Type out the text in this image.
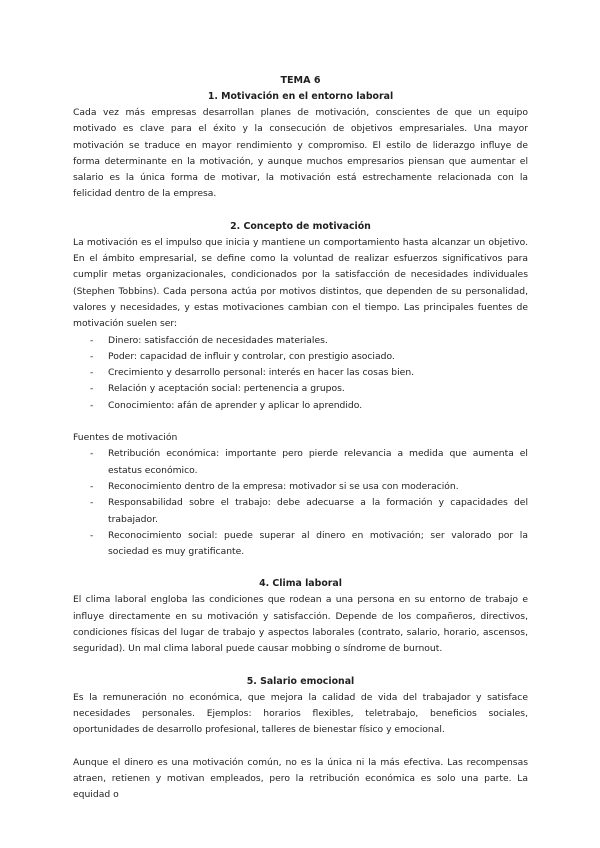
TEMA 6
1. Motivación en el entorno laboral

Cada vez más empresas desarrollan planes de motivación, conscientes de que un equipo motivado es clave para el éxito y la consecución de objetivos empresariales. Una mayor motivación se traduce en mayor rendimiento y compromiso. El estilo de liderazgo influye de forma determinante en la motivación, y aunque muchos empresarios piensan que aumentar el salario es la única forma de motivar, la motivación está estrechamente relacionada con la felicidad dentro de la empresa.

2. Concepto de motivación

La motivación es el impulso que inicia y mantiene un comportamiento hasta alcanzar un objetivo. En el ámbito empresarial, se define como la voluntad de realizar esfuerzos significativos para cumplir metas organizacionales, condicionados por la satisfacción de necesidades individuales (Stephen Tobbins). Cada persona actúa por motivos distintos, que dependen de su personalidad, valores y necesidades, y estas motivaciones cambian con el tiempo. Las principales fuentes de motivación suelen ser:

- Dinero: satisfacción de necesidades materiales.
- Poder: capacidad de influir y controlar, con prestigio asociado.
- Crecimiento y desarrollo personal: interés en hacer las cosas bien.
- Relación y aceptación social: pertenencia a grupos.
- Conocimiento: afán de aprender y aplicar lo aprendido.

Fuentes de motivación

- Retribución económica: importante pero pierde relevancia a medida que aumenta el estatus económico.
- Reconocimiento dentro de la empresa: motivador si se usa con moderación.
- Responsabilidad sobre el trabajo: debe adecuarse a la formación y capacidades del trabajador.
- Reconocimiento social: puede superar al dinero en motivación; ser valorado por la sociedad es muy gratificante.
4. Clima laboral

El clima laboral engloba las condiciones que rodean a una persona en su entorno de trabajo e influye directamente en su motivación y satisfacción. Depende de los compañeros, directivos, condiciones físicas del lugar de trabajo y aspectos laborales (contrato, salario, horario, ascensos, seguridad). Un mal clima laboral puede causar mobbing o síndrome de burnout.

5. Salario emocional

Es la remuneración no económica, que mejora la calidad de vida del trabajador y satisface necesidades personales. Ejemplos: horarios flexibles, teletrabajo, beneficios sociales, oportunidades de desarrollo profesional, talleres de bienestar físico y emocional.

Aunque el dinero es una motivación común, no es la única ni la más efectiva. Las recompensas atraen, retienen y motivan empleados, pero la retribución económica es solo una parte. La equidad o
